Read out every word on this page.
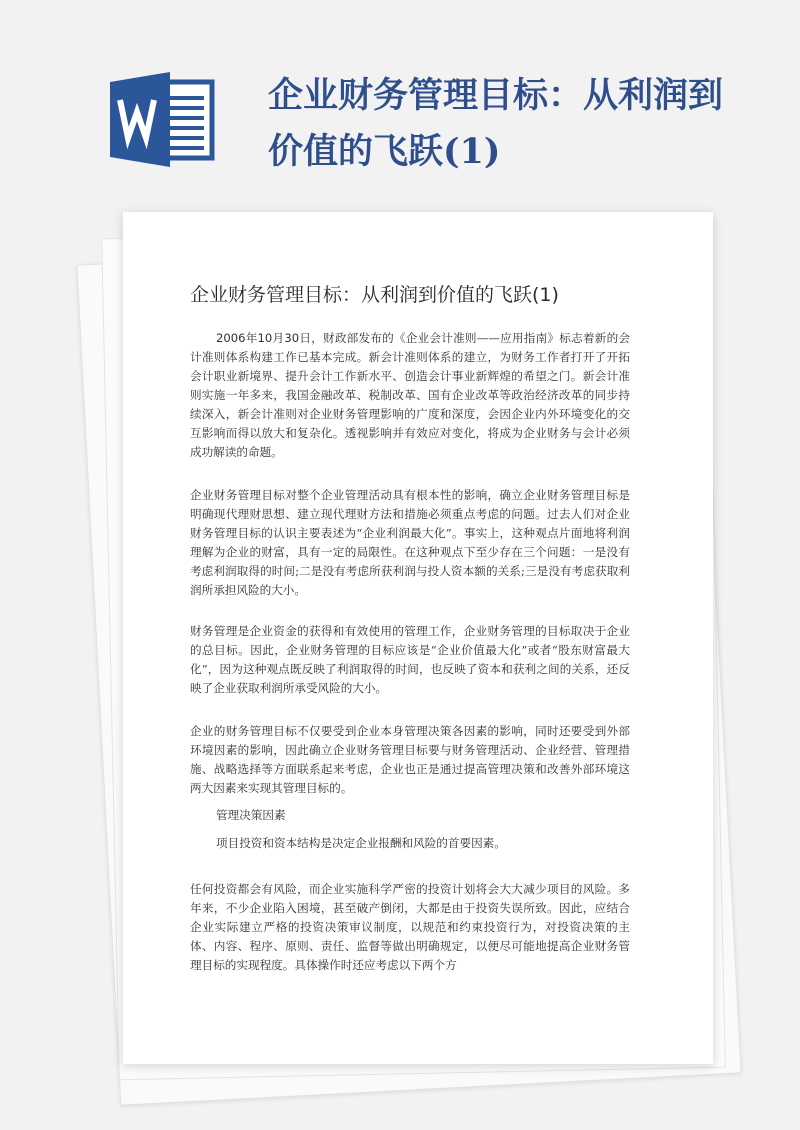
企业财务管理目标：从利润到
价值的飞跃(1)
企业财务管理目标：从利润到价值的飞跃(1)

2006年10月30日，财政部发布的《企业会计准则——应用指南》标志着新的会计准则体系构建工作已基本完成。新会计准则体系的建立，为财务工作者打开了开拓会计职业新境界、提升会计工作新水平、创造会计事业新辉煌的希望之门。新会计准则实施一年多来，我国金融改革、税制改革、国有企业改革等政治经济改革的同步持续深入，新会计准则对企业财务管理影响的广度和深度，会因企业内外环境变化的交互影响而得以放大和复杂化。透视影响并有效应对变化，将成为企业财务与会计必须成功解读的命题。

企业财务管理目标对整个企业管理活动具有根本性的影响，确立企业财务管理目标是明确现代理财思想、建立现代理财方法和措施必须重点考虑的问题。过去人们对企业财务管理目标的认识主要表述为“企业利润最大化”。事实上，这种观点片面地将利润理解为企业的财富，具有一定的局限性。在这种观点下至少存在三个问题：一是没有考虑利润取得的时间;二是没有考虑所获利润与投人资本额的关系;三是没有考虑获取利润所承担风险的大小。

财务管理是企业资金的获得和有效使用的管理工作，企业财务管理的目标取决于企业的总目标。因此，企业财务管理的目标应该是“企业价值最大化”或者“股东财富最大化”，因为这种观点既反映了利润取得的时间，也反映了资本和获利之间的关系，还反映了企业获取利润所承受风险的大小。

企业的财务管理目标不仅要受到企业本身管理决策各因素的影响，同时还要受到外部环境因素的影响，因此确立企业财务管理目标要与财务管理活动、企业经营、管理措施、战略选择等方面联系起来考虑，企业也正是通过提高管理决策和改善外部环境这两大因素来实现其管理目标的。

管理决策因素

项目投资和资本结构是决定企业报酬和风险的首要因素。

任何投资都会有风险，而企业实施科学严密的投资计划将会大大减少项目的风险。多年来，不少企业陷入困境，甚至破产倒闭，大都是由于投资失误所致。因此，应结合企业实际建立严格的投资决策审议制度，以规范和约束投资行为，对投资决策的主体、内容、程序、原则、责任、监督等做出明确规定，以便尽可能地提高企业财务管理目标的实现程度。具体操作时还应考虑以下两个方
